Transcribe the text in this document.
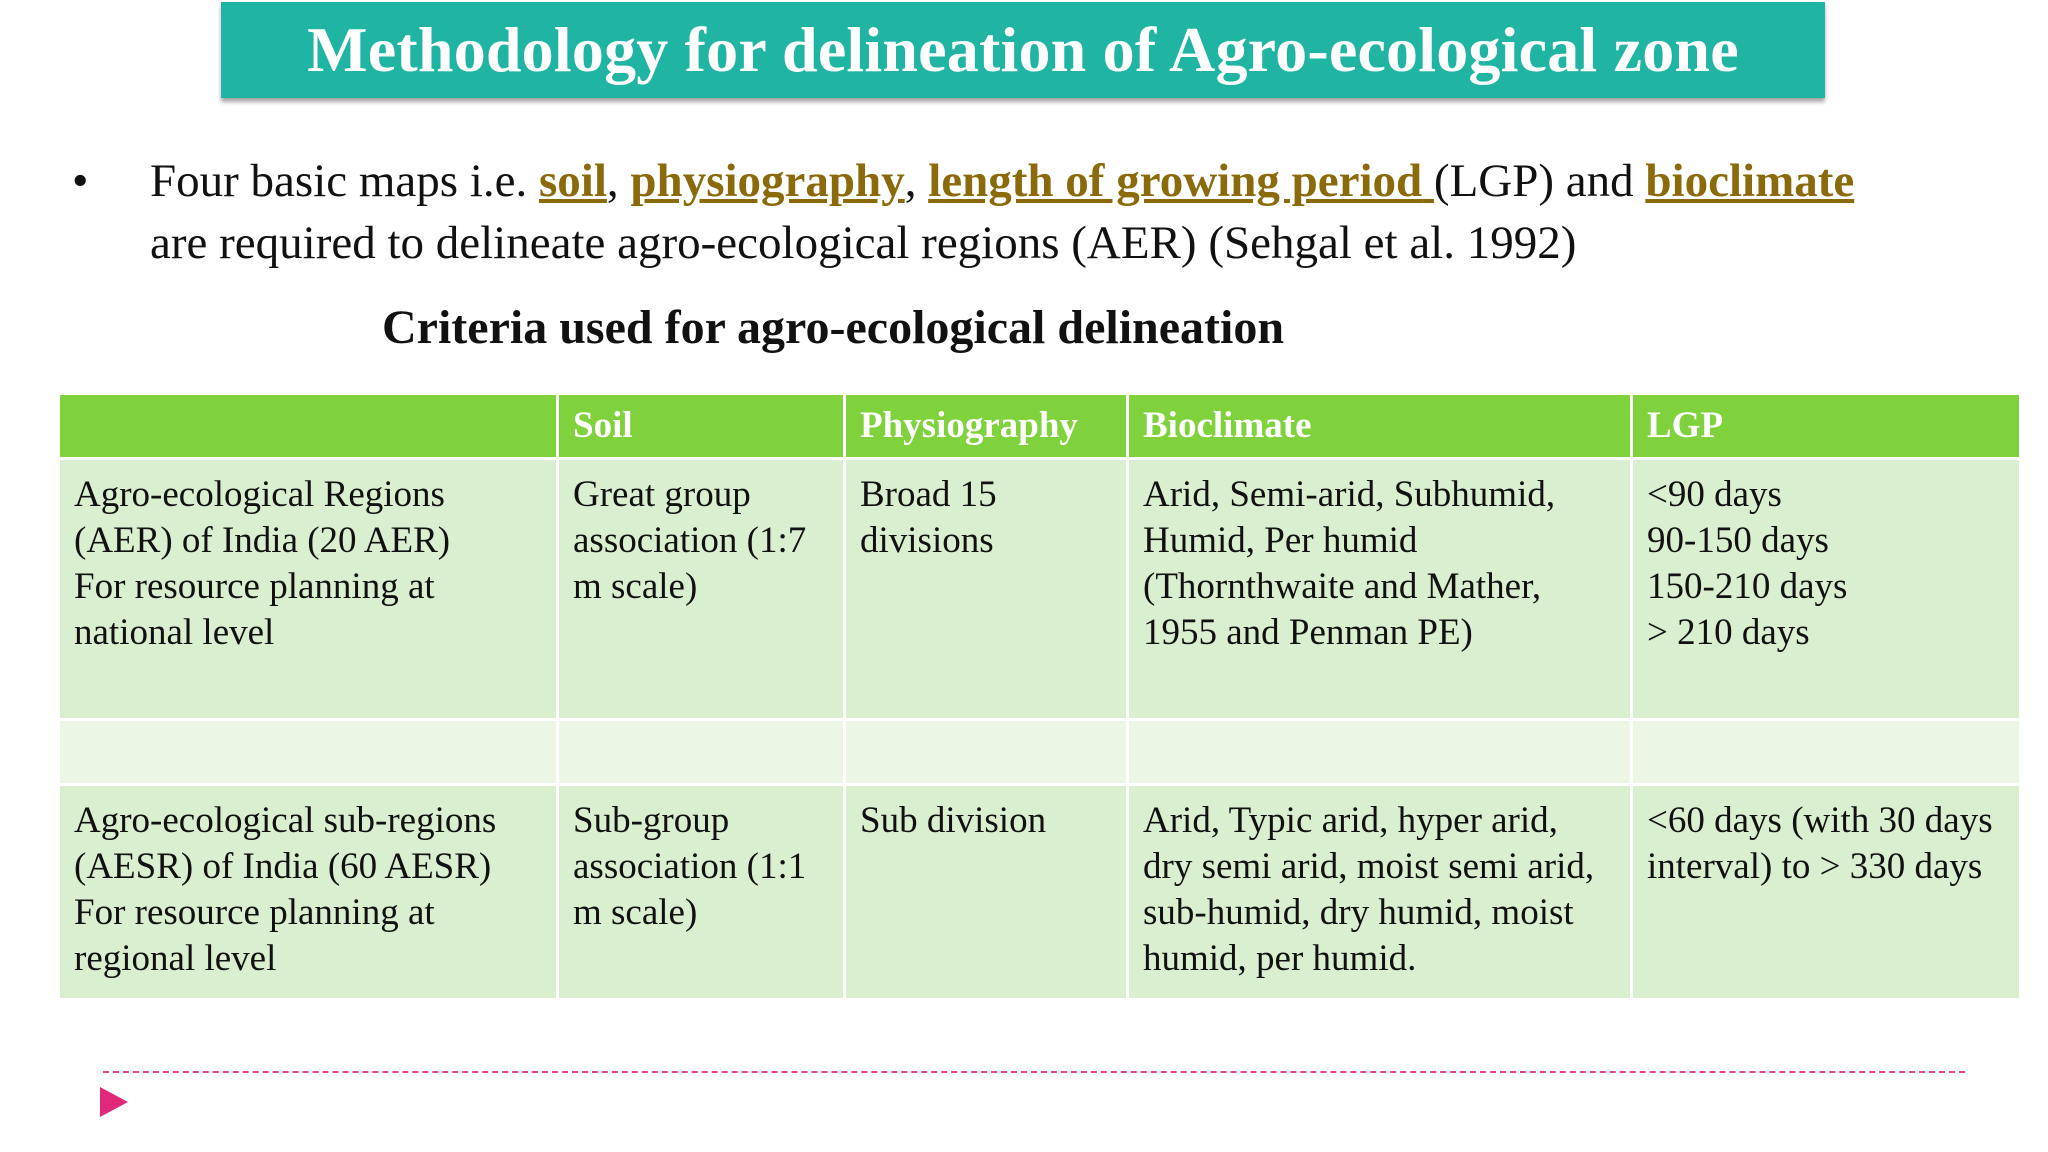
Methodology for delineation of Agro-ecological zone
• Four basic maps i.e. soil, physiography, length of growing period (LGP) and bioclimate
are required to delineate agro-ecological regions (AER) (Sehgal et al. 1992)
Criteria used for agro-ecological delineation
	Soil	Physiography	Bioclimate	LGP

Agro-ecological Regions
(AER) of India (20 AER)
For resource planning at
national level	Great group
association (1:7
m scale)	Broad 15
divisions	Arid, Semi-arid, Subhumid,
Humid, Per humid
(Thornthwaite and Mather,
1955 and Penman PE)	<90 days
90-150 days
150-210 days
> 210 days

Agro-ecological sub-regions
(AESR) of India (60 AESR)
For resource planning at
regional level	Sub-group
association (1:1
m scale)	Sub division	Arid, Typic arid, hyper arid,
dry semi arid, moist semi arid,
sub-humid, dry humid, moist
humid, per humid.	<60 days (with 30 days
interval) to > 330 days
